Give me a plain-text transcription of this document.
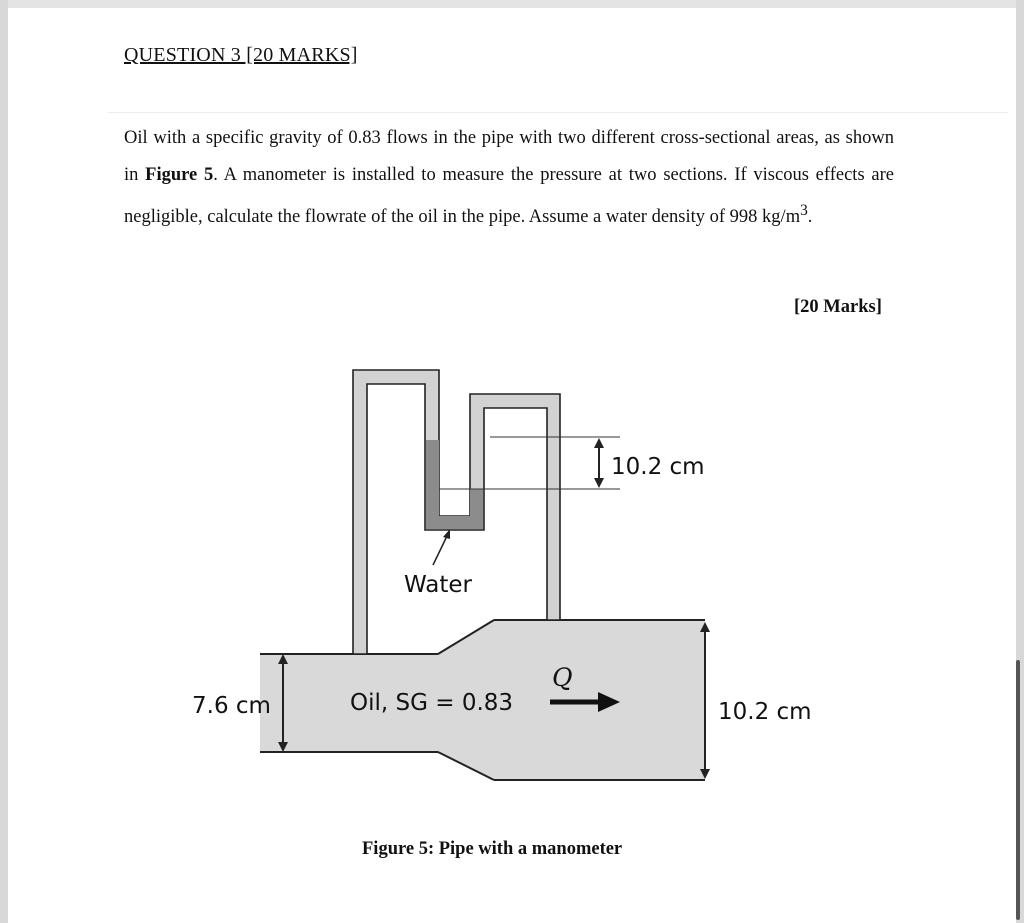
QUESTION 3 [20 MARKS]
Oil with a specific gravity of 0.83 flows in the pipe with two different cross-sectional areas, as shown in Figure 5. A manometer is installed to measure the pressure at two sections. If viscous effects are negligible, calculate the flowrate of the oil in the pipe. Assume a water density of 998 $kg/m^3$.
[20 Marks]
10.2 cm
Water
7.6 cm	Oil, SG = 0.83
Q
10.2 cm
Figure 5: Pipe with a manometer
